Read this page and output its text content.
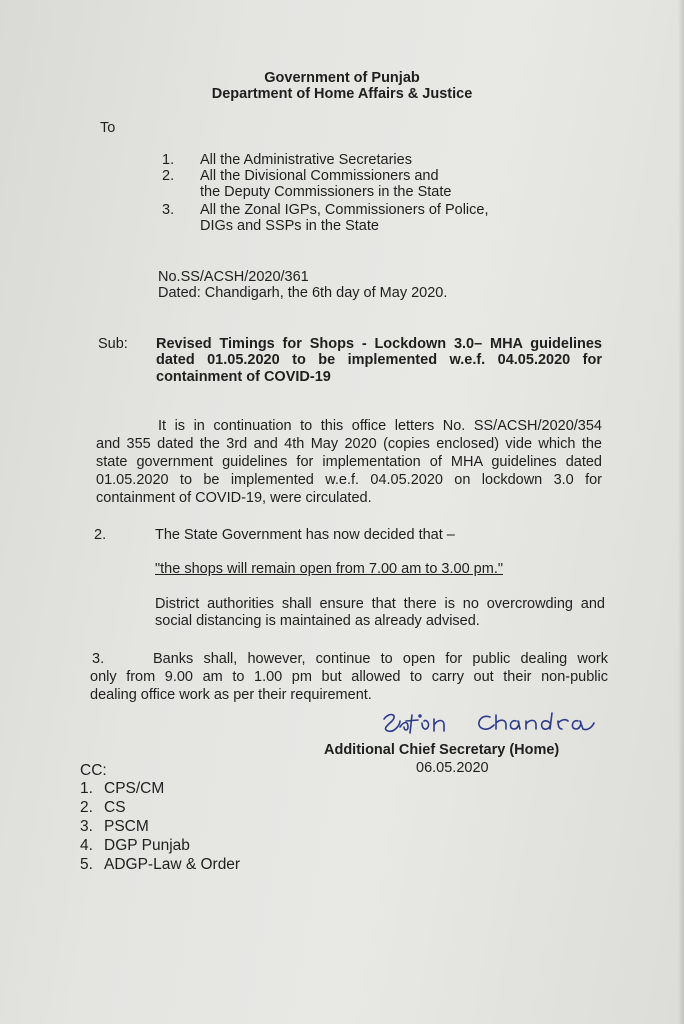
Government of Punjab
Department of Home Affairs & Justice
To
1. All the Administrative Secretaries
2. All the Divisional Commissioners and
the Deputy Commissioners in the State
3. All the Zonal IGPs, Commissioners of Police,
DIGs and SSPs in the State
No.SS/ACSH/2020/361
Dated: Chandigarh, the 6th day of May 2020.
Sub: Revised Timings for Shops - Lockdown 3.0– MHA guidelines
dated 01.05.2020 to be implemented w.e.f. 04.05.2020 for
containment of COVID-19
It is in continuation to this office letters No. SS/ACSH/2020/354
and 355 dated the 3rd and 4th May 2020 (copies enclosed) vide which the
state government guidelines for implementation of MHA guidelines dated
01.05.2020 to be implemented w.e.f. 04.05.2020 on lockdown 3.0 for
containment of COVID-19, were circulated.
2.	The State Government has now decided that –
"the shops will remain open from 7.00 am to 3.00 pm."
District authorities shall ensure that there is no overcrowding and
social distancing is maintained as already advised.
3.	Banks shall, however, continue to open for public dealing work
only from 9.00 am to 1.00 pm but allowed to carry out their non-public
dealing office work as per their requirement.
Additional Chief Secretary (Home)
06.05.2020
CC:
1. CPS/CM
2. CS
3. PSCM
4. DGP Punjab
5. ADGP-Law & Order
